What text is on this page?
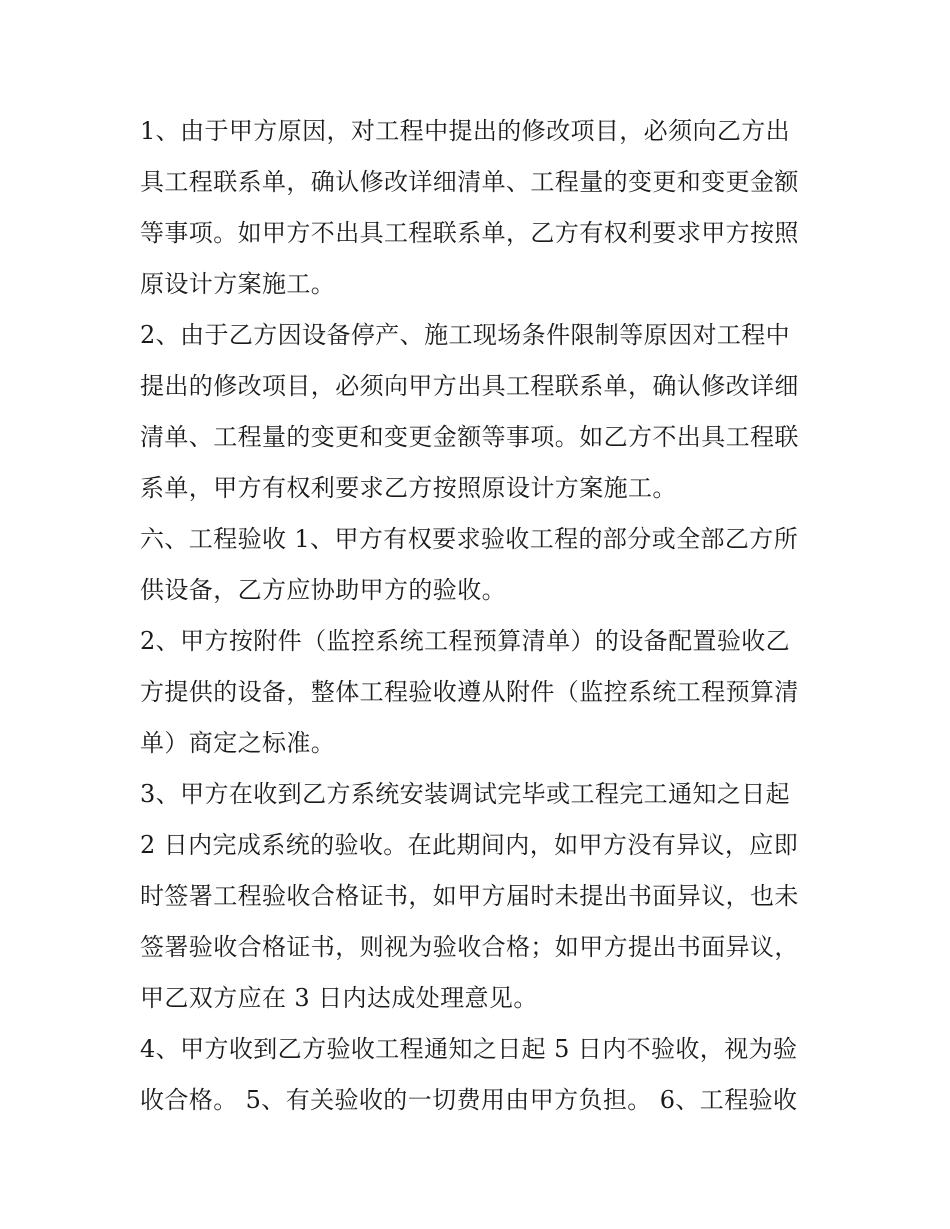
1、由于甲方原因，对工程中提出的修改项目，必须向乙方出
具工程联系单，确认修改详细清单、工程量的变更和变更金额
等事项。如甲方不出具工程联系单，乙方有权利要求甲方按照
原设计方案施工。

2、由于乙方因设备停产、施工现场条件限制等原因对工程中
提出的修改项目，必须向甲方出具工程联系单，确认修改详细
清单、工程量的变更和变更金额等事项。如乙方不出具工程联
系单，甲方有权利要求乙方按照原设计方案施工。

六、工程验收 1、甲方有权要求验收工程的部分或全部乙方所
供设备，乙方应协助甲方的验收。

2、甲方按附件（监控系统工程预算清单）的设备配置验收乙
方提供的设备，整体工程验收遵从附件（监控系统工程预算清
单）商定之标准。

3、甲方在收到乙方系统安装调试完毕或工程完工通知之日起
2 日内完成系统的验收。在此期间内，如甲方没有异议，应即
时签署工程验收合格证书，如甲方届时未提出书面异议，也未
签署验收合格证书，则视为验收合格；如甲方提出书面异议，
甲乙双方应在 3 日内达成处理意见。

4、甲方收到乙方验收工程通知之日起 5 日内不验收，视为验
收合格。 5、有关验收的一切费用由甲方负担。 6、工程验收
